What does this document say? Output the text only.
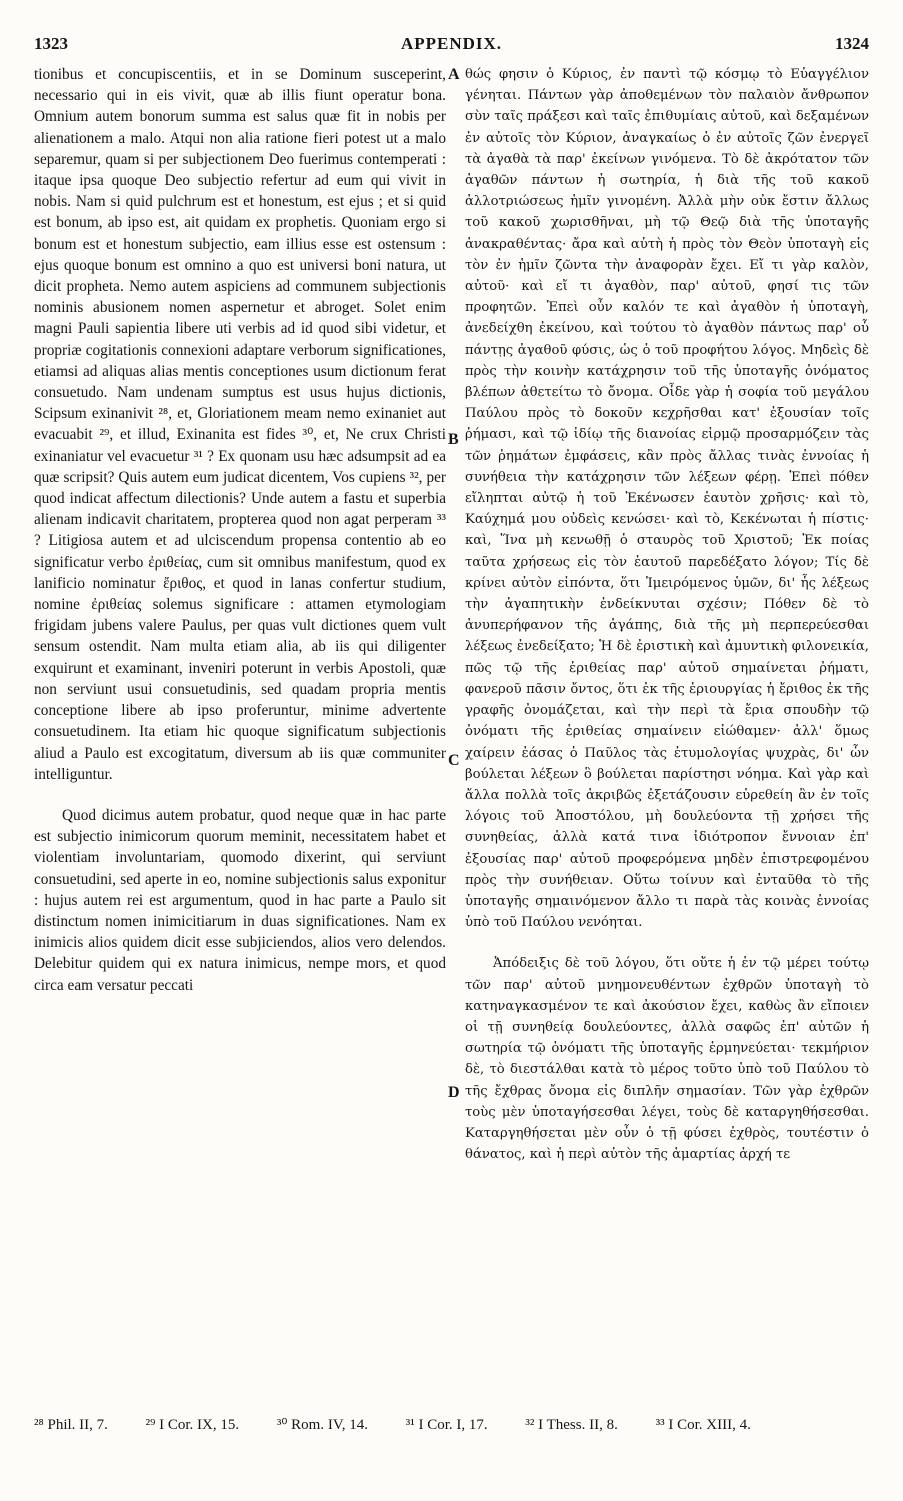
1323	APPENDIX.	1324

tionibus et concupiscentiis, et in se Dominum susceperint, necessario qui in eis vivit, quæ ab illis fiunt operatur bona. Omnium autem bonorum summa est salus quæ fit in nobis per alienationem a malo. Atqui non alia ratione fieri potest ut a malo separemur, quam si per subjectionem Deo fuerimus contemperati : itaque ipsa quoque Deo subjectio refertur ad eum qui vivit in nobis. Nam si quid pulchrum est et honestum, est ejus ; et si quid est bonum, ab ipso est, ait quidam ex prophetis. Quoniam ergo si bonum est et honestum subjectio, eam illius esse est ostensum : ejus quoque bonum est omnino a quo est universi boni natura, ut dicit propheta. Nemo autem aspiciens ad communem subjectionis nominis abusionem nomen aspernetur et abroget. Solet enim magni Pauli sapientia libere uti verbis ad id quod sibi videtur, et propriæ cogitationis connexioni adaptare verborum significationes, etiamsi ad aliquas alias mentis conceptiones usum dictionum ferat consuetudo. Nam undenam sumptus est usus hujus dictionis, Scipsum exinanivit ²⁸, et, Gloriationem meam nemo exinaniet aut evacuabit ²⁹, et illud, Exinanita est fides ³⁰, et, Ne crux Christi exinaniatur vel evacuetur ³¹ ? Ex quonam usu hæc adsumpsit ad ea quæ scripsit? Quis autem eum judicat dicentem, Vos cupiens ³², per quod indicat affectum dilectionis? Unde autem a fastu et superbia alienam indicavit charitatem, propterea quod non agat perperam ³³ ? Litigiosa autem et ad ulciscendum propensa contentio ab eo significatur verbo ἐριθείας, cum sit omnibus manifestum, quod ex lanificio nominatur ἔριθος, et quod in lanas confertur studium, nomine ἐριθείας solemus significare : attamen etymologiam frigidam jubens valere Paulus, per quas vult dictiones quem vult sensum ostendit. Nam multa etiam alia, ab iis qui diligenter exquirunt et examinant, inveniri poterunt in verbis Apostoli, quæ non serviunt usui consuetudinis, sed quadam propria mentis conceptione libere ab ipso proferuntur, minime advertente consuetudinem. Ita etiam hic quoque significatum subjectionis aliud a Paulo est excogitatum, diversum ab iis quæ communiter intelliguntur.

Quod dicimus autem probatur, quod neque quæ in hac parte est subjectio inimicorum quorum meminit, necessitatem habet et violentiam involuntariam, quomodo dixerint, qui serviunt consuetudini, sed aperte in eo, nomine subjectionis salus exponitur : hujus autem rei est argumentum, quod in hac parte a Paulo sit distinctum nomen inimicitiarum in duas significationes. Nam ex inimicis alios quidem dicit esse subjiciendos, alios vero delendos. Delebitur quidem qui ex natura inimicus, nempe mors, et quod circa eam versatur peccati

A
B
C
D

θώς φησιν ὁ Κύριος, ἐν παντὶ τῷ κόσμῳ τὸ Εὐαγγέλιον γένηται. Πάντων γὰρ ἀποθεμένων τὸν παλαιὸν ἄνθρωπον σὺν ταῖς πράξεσι καὶ ταῖς ἐπιθυμίαις αὐτοῦ, καὶ δεξαμένων ἐν αὐτοῖς τὸν Κύριον, ἀναγκαίως ὁ ἐν αὐτοῖς ζῶν ἐνεργεῖ τὰ ἀγαθὰ τὰ παρ' ἐκείνων γινόμενα. Τὸ δὲ ἀκρότατον τῶν ἀγαθῶν πάντων ἡ σωτηρία, ἡ διὰ τῆς τοῦ κακοῦ ἀλλοτριώσεως ἡμῖν γινομένη. Ἀλλὰ μὴν οὐκ ἔστιν ἄλλως τοῦ κακοῦ χωρισθῆναι, μὴ τῷ Θεῷ διὰ τῆς ὑποταγῆς ἀνακραθέντας· ἄρα καὶ αὐτὴ ἡ πρὸς τὸν Θεὸν ὑποταγὴ εἰς τὸν ἐν ἡμῖν ζῶντα τὴν ἀναφορὰν ἔχει. Εἴ τι γὰρ καλὸν, αὐτοῦ· καὶ εἴ τι ἀγαθὸν, παρ' αὐτοῦ, φησί τις τῶν προφητῶν. Ἐπεὶ οὖν καλόν τε καὶ ἀγαθὸν ἡ ὑποταγὴ, ἀνεδείχθη ἐκείνου, καὶ τούτου τὸ ἀγαθὸν πάντως παρ' οὗ πάντῃς ἀγαθοῦ φύσις, ὡς ὁ τοῦ προφήτου λόγος. Μηδεὶς δὲ πρὸς τὴν κοινὴν κατάχρησιν τοῦ τῆς ὑποταγῆς ὀνόματος βλέπων ἀθετείτω τὸ ὄνομα. Οἶδε γὰρ ἡ σοφία τοῦ μεγάλου Παύλου πρὸς τὸ δοκοῦν κεχρῆσθαι κατ' ἐξουσίαν τοῖς ῥήμασι, καὶ τῷ ἰδίῳ τῆς διανοίας εἱρμῷ προσαρμόζειν τὰς τῶν ῥημάτων ἐμφάσεις, κἂν πρὸς ἄλλας τινὰς ἐννοίας ἡ συνήθεια τὴν κατάχρησιν τῶν λέξεων φέρῃ. Ἐπεὶ πόθεν εἴληπται αὐτῷ ἡ τοῦ Ἐκένωσεν ἑαυτὸν χρῆσις· καὶ τὸ, Καύχημά μου οὐδεὶς κενώσει· καὶ τὸ, Κεκένωται ἡ πίστις· καὶ, Ἵνα μὴ κενωθῇ ὁ σταυρὸς τοῦ Χριστοῦ; Ἐκ ποίας ταῦτα χρήσεως εἰς τὸν ἑαυτοῦ παρεδέξατο λόγον; Τίς δὲ κρίνει αὐτὸν εἰπόντα, ὅτι Ἱμειρόμενος ὑμῶν, δι' ἧς λέξεως τὴν ἀγαπητικὴν ἐνδείκνυται σχέσιν; Πόθεν δὲ τὸ ἀνυπερήφανον τῆς ἀγάπης, διὰ τῆς μὴ περπερεύεσθαι λέξεως ἐνεδείξατο; Ἡ δὲ ἐριστικὴ καὶ ἀμυντικὴ φιλονεικία, πῶς τῷ τῆς ἐριθείας παρ' αὐτοῦ σημαίνεται ῥήματι, φανεροῦ πᾶσιν ὄντος, ὅτι ἐκ τῆς ἐριουργίας ἡ ἔριθος ἐκ τῆς γραφῆς ὀνομάζεται, καὶ τὴν περὶ τὰ ἔρια σπουδὴν τῷ ὀνόματι τῆς ἐριθείας σημαίνειν εἰώθαμεν· ἀλλ' ὅμως χαίρειν ἐάσας ὁ Παῦλος τὰς ἐτυμολογίας ψυχρὰς, δι' ὧν βούλεται λέξεων ὃ βούλεται παρίστησι νόημα. Καὶ γὰρ καὶ ἄλλα πολλὰ τοῖς ἀκριβῶς ἐξετάζουσιν εὑρεθείη ἂν ἐν τοῖς λόγοις τοῦ Ἀποστόλου, μὴ δουλεύοντα τῇ χρήσει τῆς συνηθείας, ἀλλὰ κατά τινα ἰδιότροπον ἔννοιαν ἐπ' ἐξουσίας παρ' αὐτοῦ προφερόμενα μηδὲν ἐπιστρεφομένου πρὸς τὴν συνήθειαν. Οὕτω τοίνυν καὶ ἐνταῦθα τὸ τῆς ὑποταγῆς σημαινόμενον ἄλλο τι παρὰ τὰς κοινὰς ἐννοίας ὑπὸ τοῦ Παύλου νενόηται.

Ἀπόδειξις δὲ τοῦ λόγου, ὅτι οὔτε ἡ ἐν τῷ μέρει τούτῳ τῶν παρ' αὐτοῦ μνημονευθέντων ἐχθρῶν ὑποταγὴ τὸ κατηναγκασμένον τε καὶ ἀκούσιον ἔχει, καθὼς ἂν εἴποιεν οἱ τῇ συνηθείᾳ δουλεύοντες, ἀλλὰ σαφῶς ἐπ' αὐτῶν ἡ σωτηρία τῷ ὀνόματι τῆς ὑποταγῆς ἑρμηνεύεται· τεκμήριον δὲ, τὸ διεστάλθαι κατὰ τὸ μέρος τοῦτο ὑπὸ τοῦ Παύλου τὸ τῆς ἔχθρας ὄνομα εἰς διπλῆν σημασίαν. Τῶν γὰρ ἐχθρῶν τοὺς μὲν ὑποταγήσεσθαι λέγει, τοὺς δὲ καταργηθήσεσθαι. Καταργηθήσεται μὲν οὖν ὁ τῇ φύσει ἐχθρὸς, τουτέστιν ὁ θάνατος, καὶ ἡ περὶ αὐτὸν τῆς ἁμαρτίας ἀρχή τε

²⁸ Phil. II, 7.	²⁹ I Cor. IX, 15.	³⁰ Rom. IV, 14.	³¹ I Cor. I, 17.	³² I Thess. II, 8.	³³ I Cor. XIII, 4.
